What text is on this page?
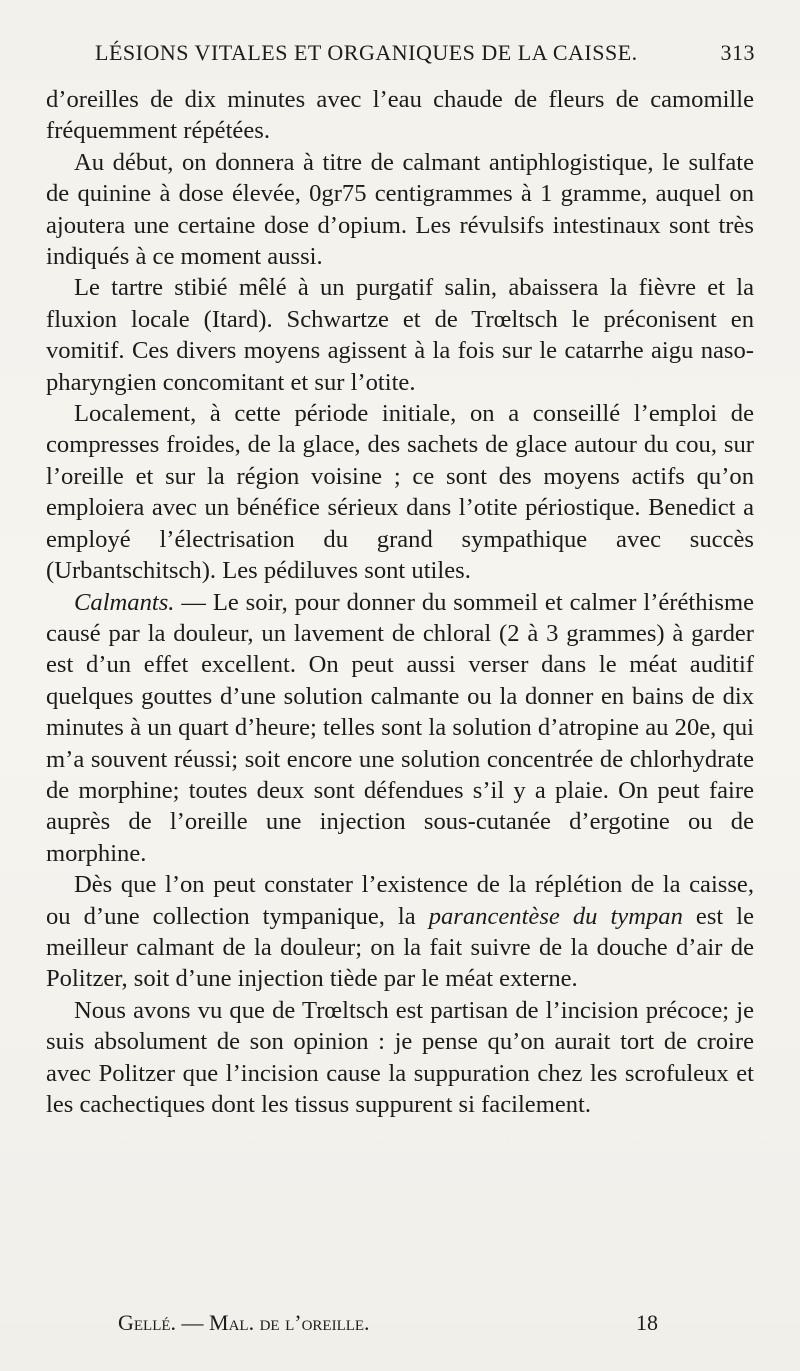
LÉSIONS VITALES ET ORGANIQUES DE LA CAISSE.	313

d’oreilles de dix minutes avec l’eau chaude de fleurs de camomille fréquemment répétées.

Au début, on donnera à titre de calmant antiphlogistique, le sulfate de quinine à dose élevée, 0gr75 centigrammes à 1 gramme, auquel on ajoutera une certaine dose d’opium. Les révulsifs intestinaux sont très indiqués à ce moment aussi.

Le tartre stibié mêlé à un purgatif salin, abaissera la fièvre et la fluxion locale (Itard). Schwartze et de Trœltsch le préconisent en vomitif. Ces divers moyens agissent à la fois sur le catarrhe aigu naso-pharyngien concomitant et sur l’otite.

Localement, à cette période initiale, on a conseillé l’emploi de compresses froides, de la glace, des sachets de glace autour du cou, sur l’oreille et sur la région voisine ; ce sont des moyens actifs qu’on emploiera avec un bénéfice sérieux dans l’otite périostique. Benedict a employé l’électrisation du grand sympathique avec succès (Urbantschitsch). Les pédiluves sont utiles.

Calmants. — Le soir, pour donner du sommeil et calmer l’éréthisme causé par la douleur, un lavement de chloral (2 à 3 grammes) à garder est d’un effet excellent. On peut aussi verser dans le méat auditif quelques gouttes d’une solution calmante ou la donner en bains de dix minutes à un quart d’heure; telles sont la solution d’atropine au 20e, qui m’a souvent réussi; soit encore une solution concentrée de chlorhydrate de morphine; toutes deux sont défendues s’il y a plaie. On peut faire auprès de l’oreille une injection sous-cutanée d’ergotine ou de morphine.

Dès que l’on peut constater l’existence de la réplétion de la caisse, ou d’une collection tympanique, la parancentèse du tympan est le meilleur calmant de la douleur; on la fait suivre de la douche d’air de Politzer, soit d’une injection tiède par le méat externe.

Nous avons vu que de Trœltsch est partisan de l’incision précoce; je suis absolument de son opinion : je pense qu’on aurait tort de croire avec Politzer que l’incision cause la suppuration chez les scrofuleux et les cachectiques dont les tissus suppurent si facilement.

Gellé. — Mal. de l’oreille.	18
